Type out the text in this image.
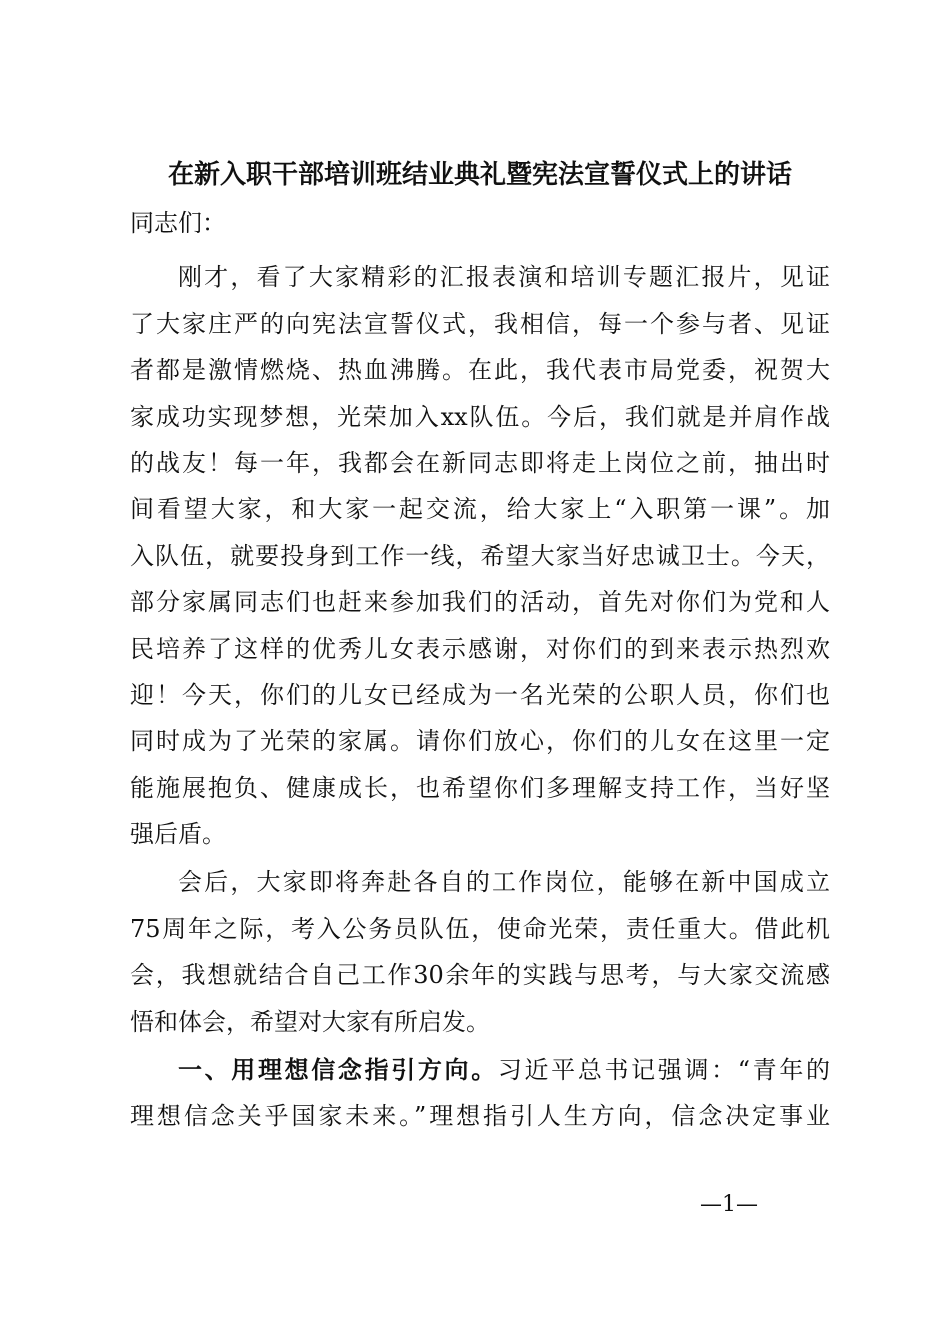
在新入职干部培训班结业典礼暨宪法宣誓仪式上的讲话
同志们：
刚才，看了大家精彩的汇报表演和培训专题汇报片，见证
了大家庄严的向宪法宣誓仪式，我相信，每一个参与者、见证
者都是激情燃烧、热血沸腾。在此，我代表市局党委，祝贺大
家成功实现梦想，光荣加入xx队伍。今后，我们就是并肩作战
的战友！每一年，我都会在新同志即将走上岗位之前，抽出时
间看望大家，和大家一起交流，给大家上“入职第一课”。加
入队伍，就要投身到工作一线，希望大家当好忠诚卫士。今天，
部分家属同志们也赶来参加我们的活动，首先对你们为党和人
民培养了这样的优秀儿女表示感谢，对你们的到来表示热烈欢
迎！今天，你们的儿女已经成为一名光荣的公职人员，你们也
同时成为了光荣的家属。请你们放心，你们的儿女在这里一定
能施展抱负、健康成长，也希望你们多理解支持工作，当好坚
强后盾。
会后，大家即将奔赴各自的工作岗位，能够在新中国成立
75周年之际，考入公务员队伍，使命光荣，责任重大。借此机
会，我想就结合自己工作30余年的实践与思考，与大家交流感
悟和体会，希望对大家有所启发。
一、用理想信念指引方向。习近平总书记强调：“青年的
理想信念关乎国家未来。”理想指引人生方向，信念决定事业
—1—
